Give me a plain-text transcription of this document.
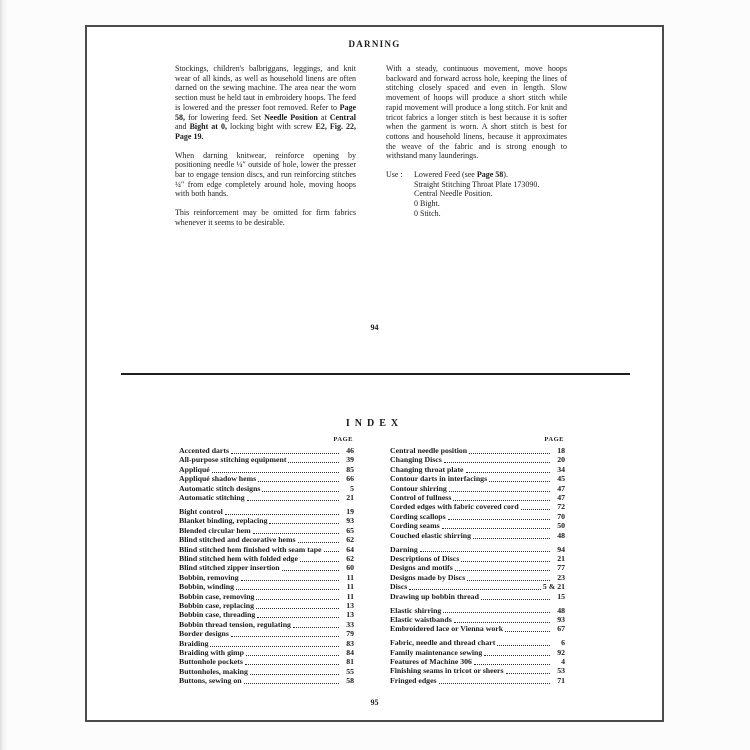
DARNING

Stockings, children's balbriggans, leggings, and knit wear of all kinds, as well as household linens are often darned on the sewing machine. The area near the worn section must be held taut in embroidery hoops. The feed is lowered and the presser foot removed. Refer to Page 58, for lowering feed. Set Needle Position at Central and Bight at 0, locking bight with screw E2, Fig. 22, Page 19.

When darning knitwear, reinforce opening by positioning needle ¼″ outside of hole, lower the presser bar to engage tension discs, and run reinforcing stitches ¼″ from edge completely around hole, moving hoops with both hands.

This reinforcement may be omitted for firm fabrics whenever it seems to be desirable.

With a steady, continuous movement, move hoops backward and forward across hole, keeping the lines of stitching closely spaced and even in length. Slow movement of hoops will produce a short stitch while rapid movement will produce a long stitch. For knit and tricot fabrics a longer stitch is best because it is softer when the garment is worn. A short stitch is best for cottons and household linens, because it approximates the weave of the fabric and is strong enough to withstand many launderings.

Use :	Lowered Feed (see Page 58).
Straight Stitching Throat Plate 173090.
Central Needle Position.
0 Bight.
0 Stitch.
94
INDEX
PAGE
Accented darts	46
All-purpose stitching equipment	39
Appliqué	85
Appliqué shadow hems	66
Automatic stitch designs	5
Automatic stitching	21
Bight control	19
Blanket binding, replacing	93
Blended circular hem	65
Blind stitched and decorative hems	62
Blind stitched hem finished with seam tape	64
Blind stitched hem with folded edge	62
Blind stitched zipper insertion	60
Bobbin, removing	11
Bobbin, winding	11
Bobbin case, removing	11
Bobbin case, replacing	13
Bobbin case, threading	13
Bobbin thread tension, regulating	33
Border designs	79
Braiding	83
Braiding with gimp	84
Buttonhole pockets	81
Buttonholes, making	55
Buttons, sewing on	58
PAGE
Central needle position	18
Changing Discs	20
Changing throat plate	34
Contour darts in interfacings	45
Contour shirring	47
Control of fullness	47
Corded edges with fabric covered cord	72
Cording scallops	70
Cording seams	50
Couched elastic shirring	48
Darning	94
Descriptions of Discs	21
Designs and motifs	77
Designs made by Discs	23
Discs	5 & 21
Drawing up bobbin thread	15
Elastic shirring	48
Elastic waistbands	93
Embroidered lace or Vienna work	67
Fabric, needle and thread chart	6
Family maintenance sewing	92
Features of Machine 306	4
Finishing seams in tricot or sheers	53
Fringed edges	71
95
